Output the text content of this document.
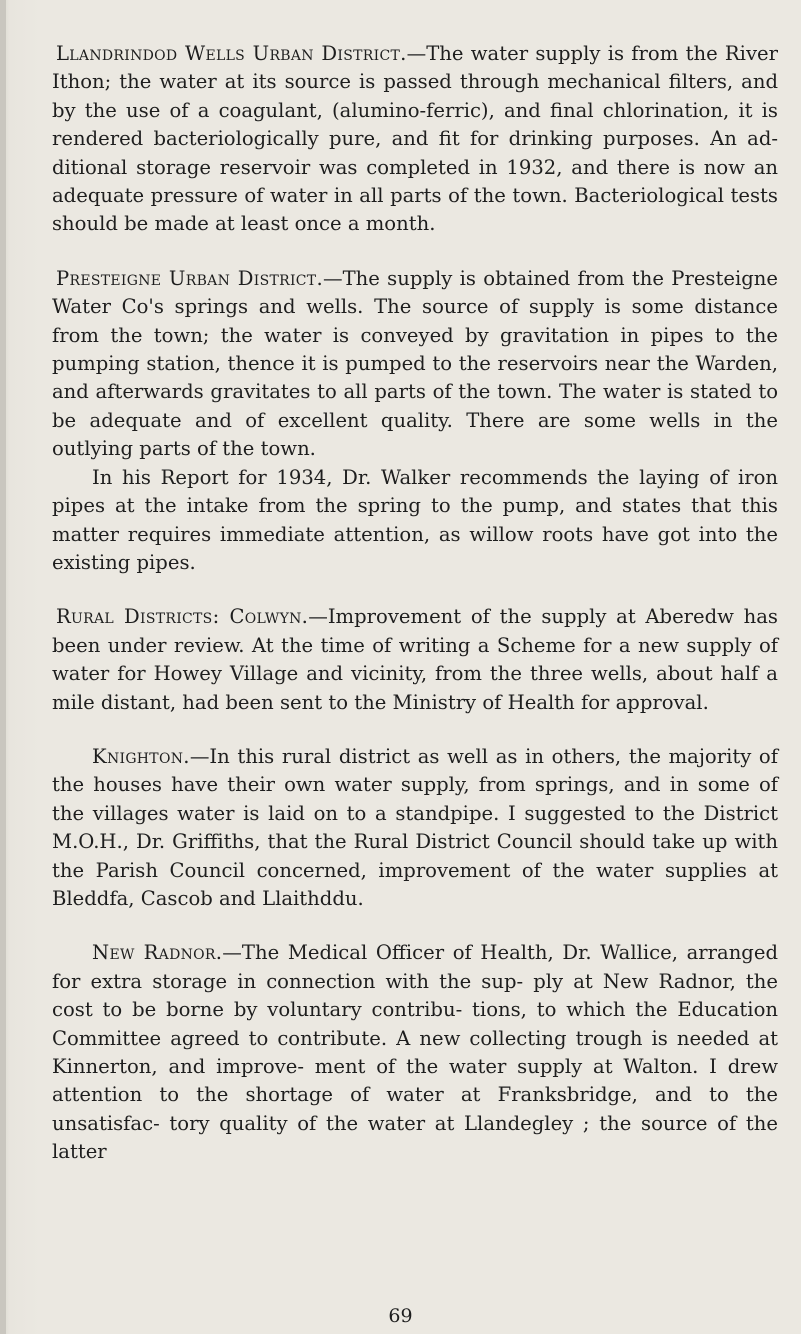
Llandrindod Wells Urban District.—The water supply is from the River Ithon; the water at its source is passed through mechanical filters, and by the use of a coagulant, (alumino-ferric), and final chlorination, it is rendered bacteriologically pure, and fit for drinking purposes. An ad- ditional storage reservoir was completed in 1932, and there is now an adequate pressure of water in all parts of the town. Bacteriological tests should be made at least once a month.

Presteigne Urban District.—The supply is obtained from the Presteigne Water Co's springs and wells. The source of supply is some distance from the town; the water is conveyed by gravitation in pipes to the pumping station, thence it is pumped to the reservoirs near the Warden, and afterwards gravitates to all parts of the town. The water is stated to be adequate and of excellent quality. There are some wells in the outlying parts of the town.

In his Report for 1934, Dr. Walker recommends the laying of iron pipes at the intake from the spring to the pump, and states that this matter requires immediate attention, as willow roots have got into the existing pipes.

Rural Districts: Colwyn.—Improvement of the supply at Aberedw has been under review. At the time of writing a Scheme for a new supply of water for Howey Village and vicinity, from the three wells, about half a mile distant, had been sent to the Ministry of Health for approval.

Knighton.—In this rural district as well as in others, the majority of the houses have their own water supply, from springs, and in some of the villages water is laid on to a standpipe. I suggested to the District M.O.H., Dr. Griffiths, that the Rural District Council should take up with the Parish Council concerned, improvement of the water supplies at Bleddfa, Cascob and Llaithddu.

New Radnor.—The Medical Officer of Health, Dr. Wallice, arranged for extra storage in connection with the sup- ply at New Radnor, the cost to be borne by voluntary contribu- tions, to which the Education Committee agreed to contribute. A new collecting trough is needed at Kinnerton, and improve- ment of the water supply at Walton. I drew attention to the shortage of water at Franksbridge, and to the unsatisfac- tory quality of the water at Llandegley ; the source of the latter

69
